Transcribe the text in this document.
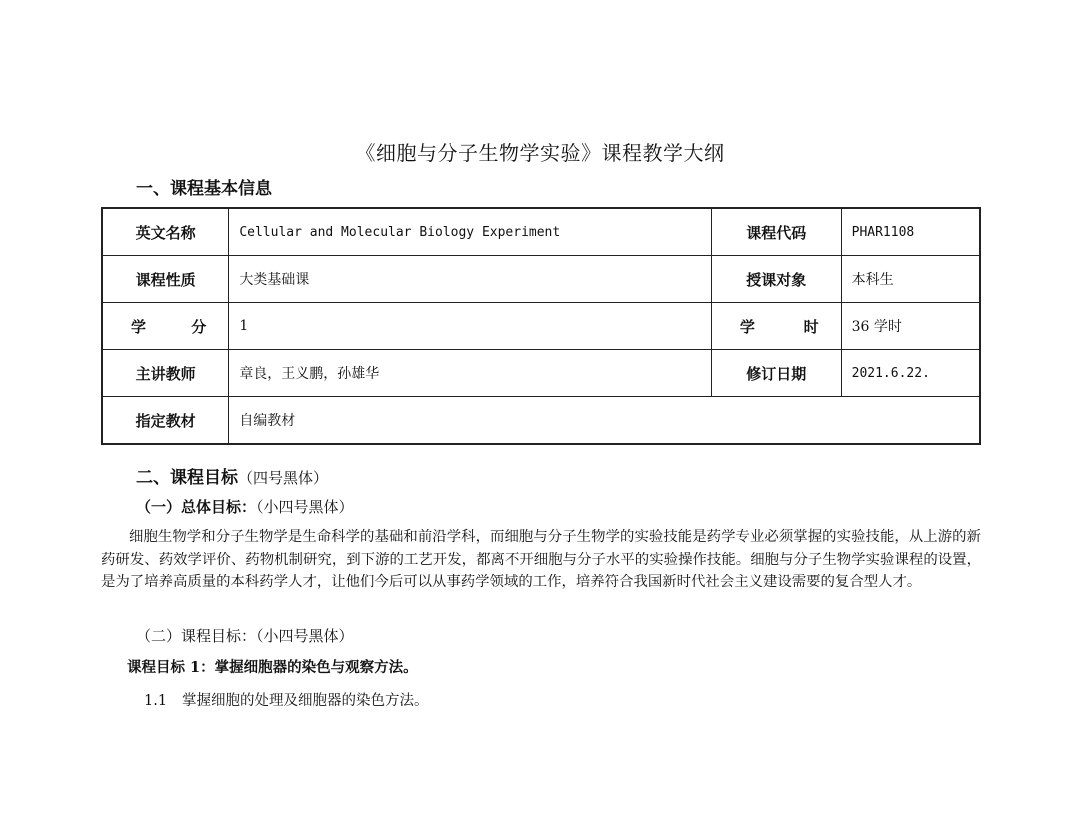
《细胞与分子生物学实验》课程教学大纲
一、课程基本信息
英文名称	Cellular and Molecular Biology Experiment	课程代码	PHAR1108
课程性质	大类基础课	授课对象	本科生

学 分	1	学 时	36 学时
主讲教师	章良，王义鹏，孙雄华	修订日期	2021.6.22.
指定教材	自编教材		
二、课程目标（四号黑体）
（一）总体目标：（小四号黑体）
细胞生物学和分子生物学是生命科学的基础和前沿学科，而细胞与分子生物学的实验技能是药学专业必须掌握的实验技能，从上游的新药研发、药效学评价、药物机制研究，到下游的工艺开发，都离不开细胞与分子水平的实验操作技能。细胞与分子生物学实验课程的设置，是为了培养高质量的本科药学人才，让他们今后可以从事药学领域的工作，培养符合我国新时代社会主义建设需要的复合型人才。
（二）课程目标：（小四号黑体）
课程目标 1：掌握细胞器的染色与观察方法。
1.1 掌握细胞的处理及细胞器的染色方法。
